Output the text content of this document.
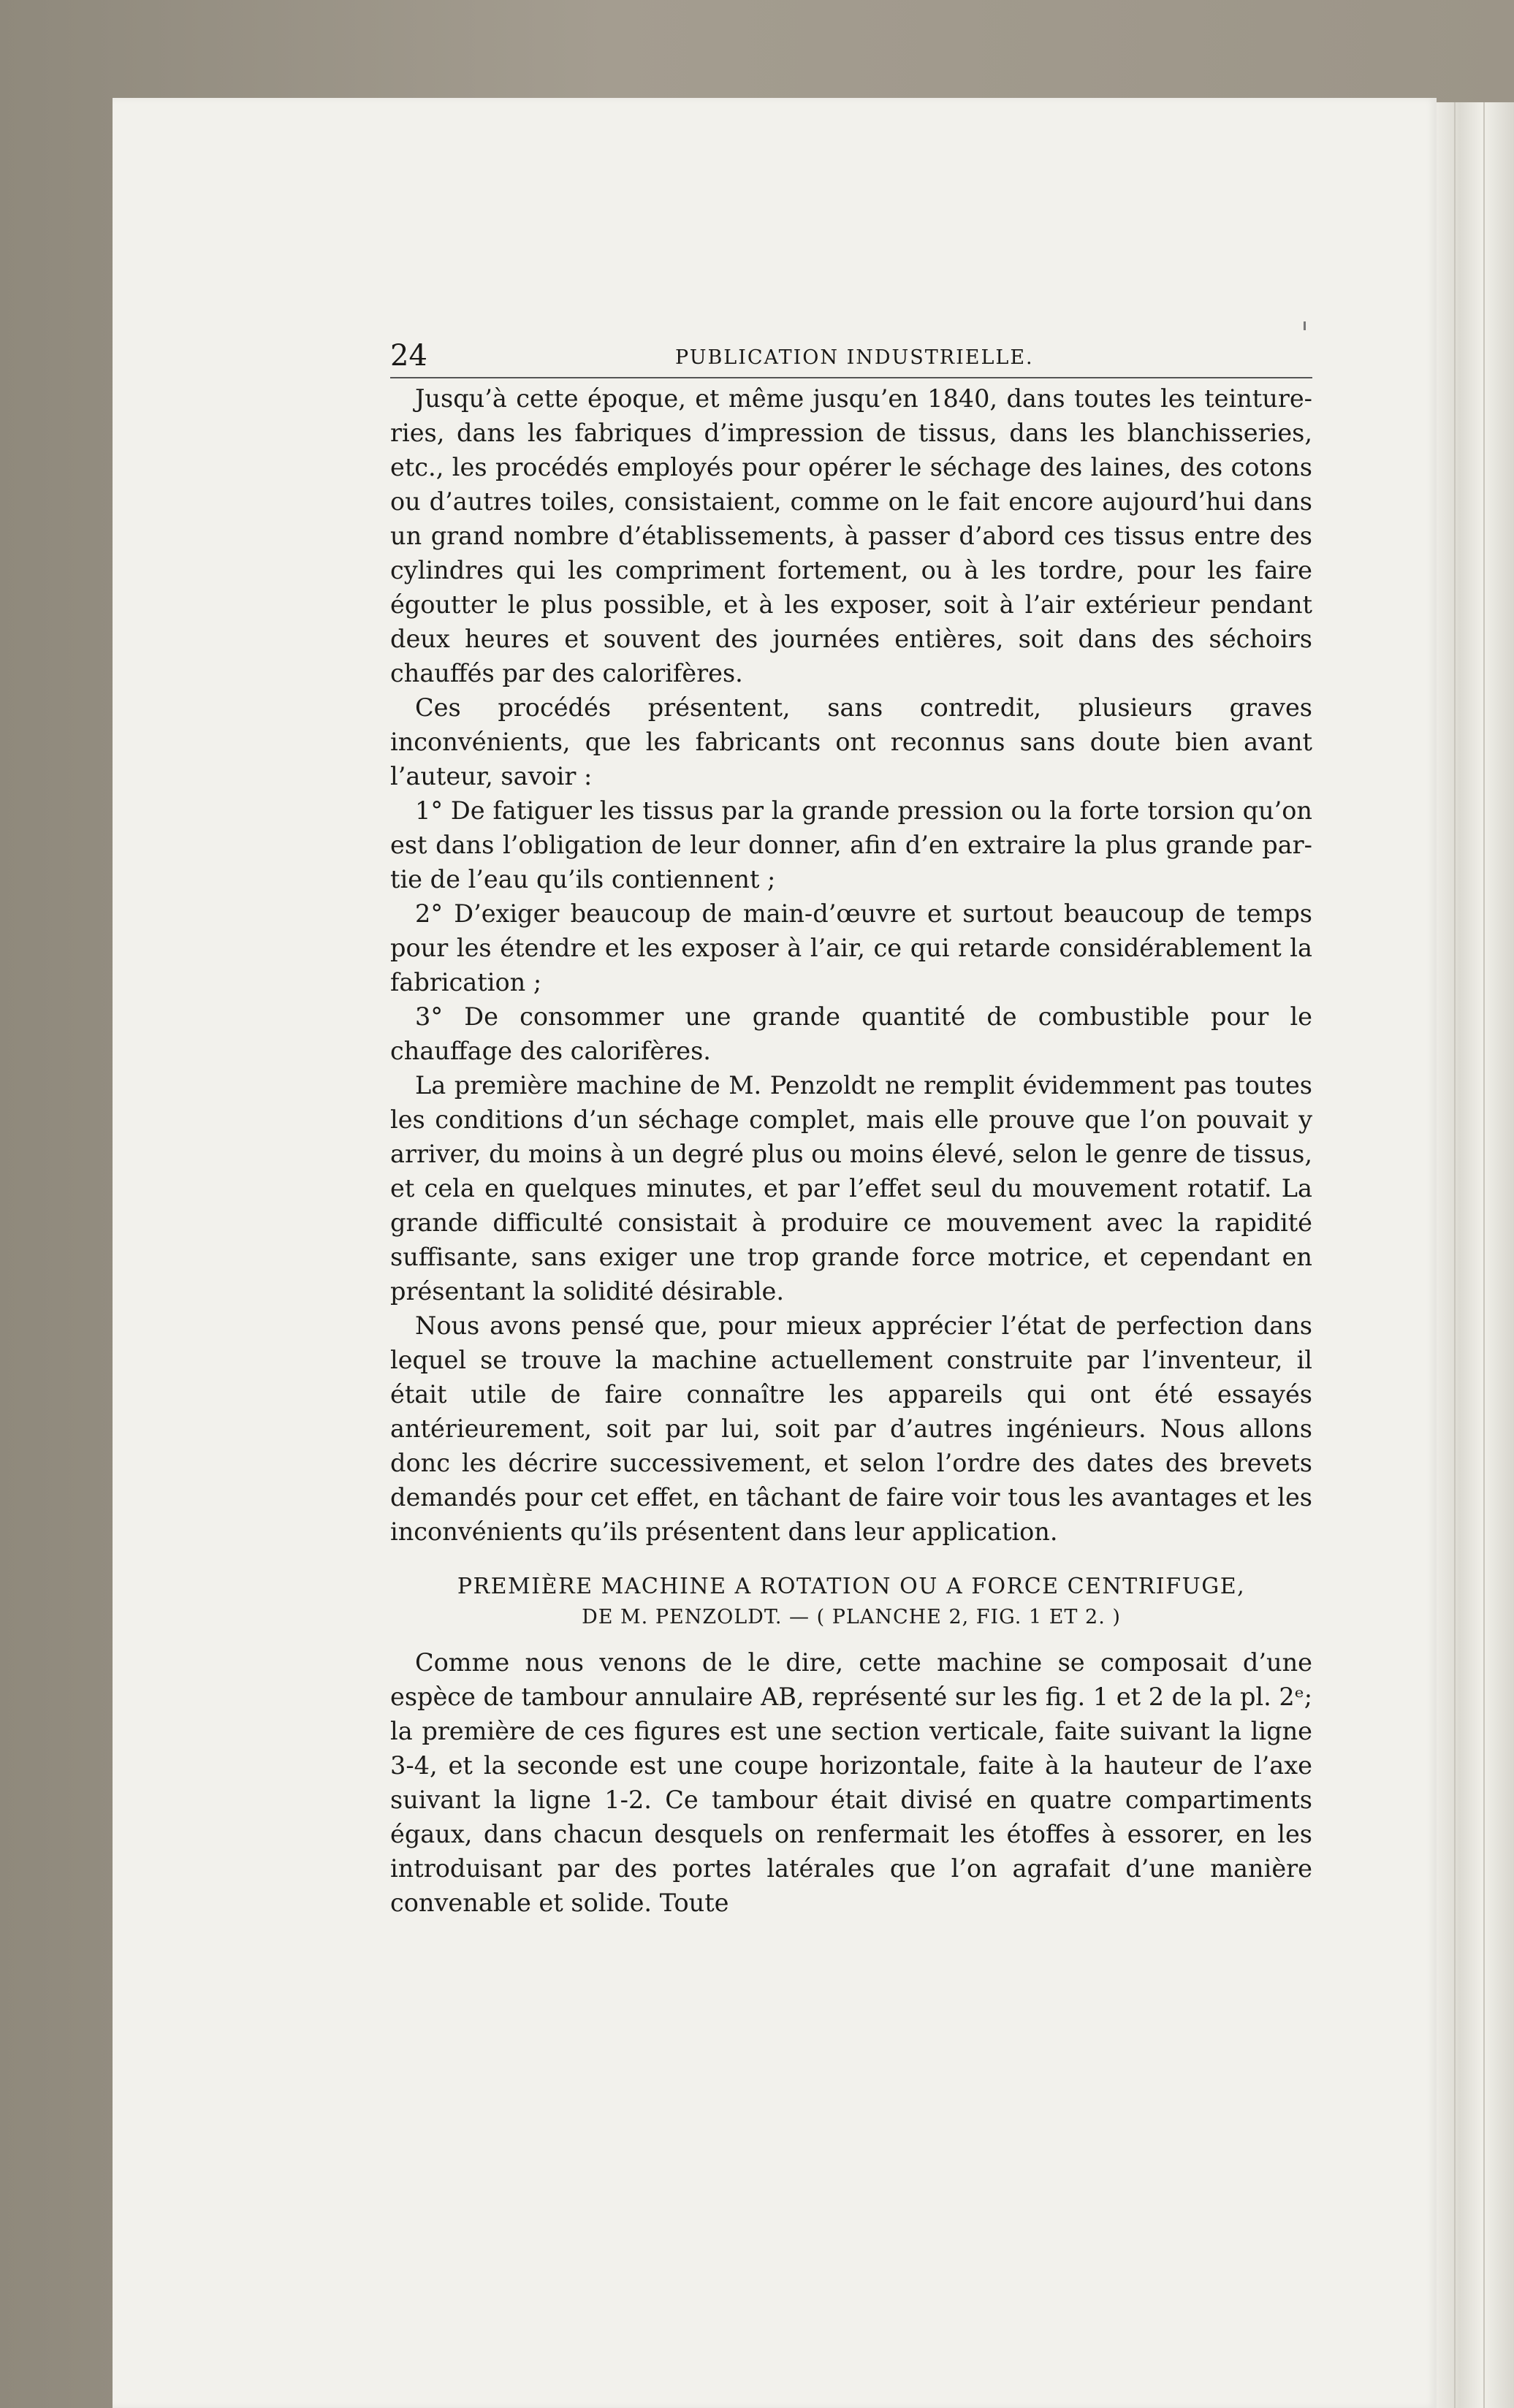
24	PUBLICATION INDUSTRIELLE.

Jusqu’à cette époque, et même jusqu’en 1840, dans toutes les teintureries, dans les fabriques d’impression de tissus, dans les blanchisseries, etc., les procédés employés pour opérer le séchage des laines, des cotons ou d’autres toiles, consistaient, comme on le fait encore aujourd’hui dans un grand nombre d’établissements, à passer d’abord ces tissus entre des cylindres qui les compriment fortement, ou à les tordre, pour les faire égoutter le plus possible, et à les exposer, soit à l’air extérieur pendant deux heures et souvent des journées entières, soit dans des séchoirs chauffés par des calorifères.

Ces procédés présentent, sans contredit, plusieurs graves inconvénients, que les fabricants ont reconnus sans doute bien avant l’auteur, savoir :

1° De fatiguer les tissus par la grande pression ou la forte torsion qu’on est dans l’obligation de leur donner, afin d’en extraire la plus grande partie de l’eau qu’ils contiennent ;

2° D’exiger beaucoup de main-d’œuvre et surtout beaucoup de temps pour les étendre et les exposer à l’air, ce qui retarde considérablement la fabrication ;

3° De consommer une grande quantité de combustible pour le chauffage des calorifères.

La première machine de M. Penzoldt ne remplit évidemment pas toutes les conditions d’un séchage complet, mais elle prouve que l’on pouvait y arriver, du moins à un degré plus ou moins élevé, selon le genre de tissus, et cela en quelques minutes, et par l’effet seul du mouvement rotatif. La grande difficulté consistait à produire ce mouvement avec la rapidité suffisante, sans exiger une trop grande force motrice, et cependant en présentant la solidité désirable.

Nous avons pensé que, pour mieux apprécier l’état de perfection dans lequel se trouve la machine actuellement construite par l’inventeur, il était utile de faire connaître les appareils qui ont été essayés antérieurement, soit par lui, soit par d’autres ingénieurs. Nous allons donc les décrire successivement, et selon l’ordre des dates des brevets demandés pour cet effet, en tâchant de faire voir tous les avantages et les inconvénients qu’ils présentent dans leur application.

PREMIÈRE MACHINE A ROTATION OU A FORCE CENTRIFUGE,

DE M. PENZOLDT. — ( PLANCHE 2, FIG. 1 ET 2. )

Comme nous venons de le dire, cette machine se composait d’une espèce de tambour annulaire AB, représenté sur les fig. 1 et 2 de la pl. 2ᵉ; la première de ces figures est une section verticale, faite suivant la ligne 3-4, et la seconde est une coupe horizontale, faite à la hauteur de l’axe suivant la ligne 1-2. Ce tambour était divisé en quatre compartiments égaux, dans chacun desquels on renfermait les étoffes à essorer, en les introduisant par des portes latérales que l’on agrafait d’une manière convenable et solide. Toute
